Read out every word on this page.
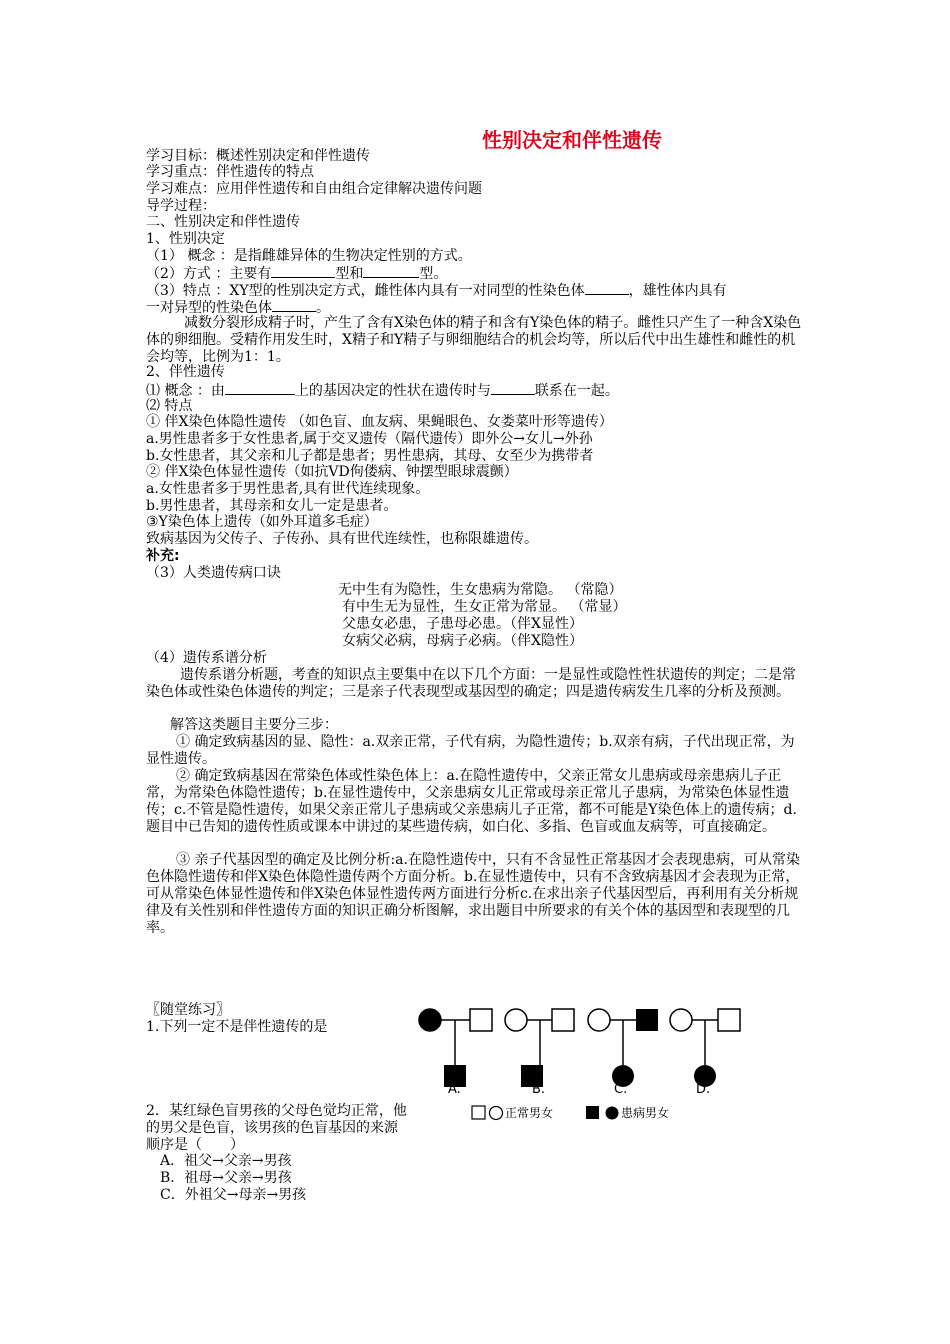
性别决定和伴性遗传
学习目标：概述性别决定和伴性遗传
学习重点：伴性遗传的特点
学习难点：应用伴性遗传和自由组合定律解决遗传问题
导学过程：
二、性别决定和伴性遗传
1、性别决定
（1） 概念 ：是指雌雄异体的生物决定性别的方式。
（2）方式 ：主要有	型和	型。
（3）特点 ：XY型的性别决定方式，雌性体内具有一对同型的性染色体	，雄性体内具有
一对异型的性染色体	。
减数分裂形成精子时，产生了含有X染色体的精子和含有Y染色体的精子。雌性只产生了一种含X染色体的卵细胞。受精作用发生时，X精子和Y精子与卵细胞结合的机会均等，所以后代中出生雄性和雌性的机会均等，比例为1：1。
2、伴性遗传
⑴ 概念 ：由	上的基因决定的性状在遗传时与	联系在一起。
⑵ 特点
① 伴X染色体隐性遗传 （如色盲、血友病、果蝇眼色、女娄菜叶形等遗传）
a.男性患者多于女性患者,属于交叉遗传（隔代遗传）即外公→女儿→外孙
b.女性患者，其父亲和儿子都是患者；男性患病，其母、女至少为携带者
② 伴X染色体显性遗传（如抗VD佝偻病、钟摆型眼球震颤）
a.女性患者多于男性患者,具有世代连续现象。
b.男性患者，其母亲和女儿一定是患者。
③Y染色体上遗传（如外耳道多毛症）
致病基因为父传子、子传孙、具有世代连续性，也称限雄遗传。
补充:
（3）人类遗传病口诀
无中生有为隐性，生女患病为常隐。 （常隐）
有中生无为显性，生女正常为常显。 （常显）
父患女必患，子患母必患。（伴X显性）
女病父必病，母病子必病。（伴X隐性）
（4）遗传系谱分析
遗传系谱分析题，考查的知识点主要集中在以下几个方面：一是显性或隐性性状遗传的判定；二是常染色体或性染色体遗传的判定；三是亲子代表现型或基因型的确定；四是遗传病发生几率的分析及预测。
解答这类题目主要分三步：
① 确定致病基因的显、隐性：a.双亲正常，子代有病，为隐性遗传；b.双亲有病，子代出现正常，为显性遗传。
② 确定致病基因在常染色体或性染色体上：a.在隐性遗传中，父亲正常女儿患病或母亲患病儿子正常，为常染色体隐性遗传；b.在显性遗传中，父亲患病女儿正常或母亲正常儿子患病，为常染色体显性遗传；c.不管是隐性遗传，如果父亲正常儿子患病或父亲患病儿子正常，都不可能是Y染色体上的遗传病；d.题目中已告知的遗传性质或课本中讲过的某些遗传病，如白化、多指、色盲或血友病等，可直接确定。
③ 亲子代基因型的确定及比例分析:a.在隐性遗传中，只有不含显性正常基因才会表现患病，可从常染色体隐性遗传和伴X染色体隐性遗传两个方面分析。b.在显性遗传中，只有不含致病基因才会表现为正常，可从常染色体显性遗传和伴X染色体显性遗传两方面进行分析c.在求出亲子代基因型后，再利用有关分析规律及有关性别和伴性遗传方面的知识正确分析图解，求出题目中所要求的有关个体的基因型和表现型的几率。
〖随堂练习〗
1.下列一定不是伴性遗传的是
A.	B.	C.	D.
正常男女	患病男女
2．某红绿色盲男孩的父母色觉均正常，他的男父是色盲，该男孩的色盲基因的来源顺序是（　　）
A．祖父→父亲→男孩
B．祖母→父亲→男孩
C．外祖父→母亲→男孩
